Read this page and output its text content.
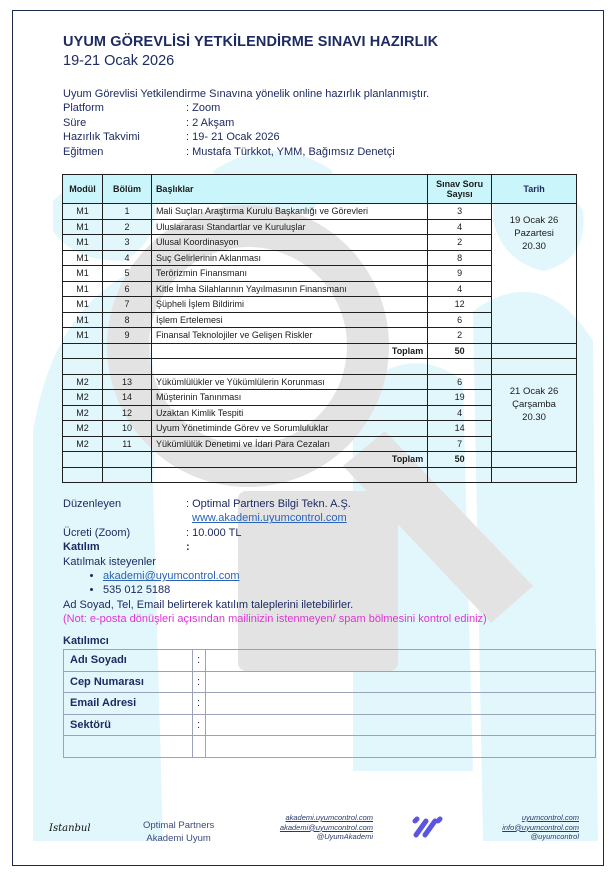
UYUM GÖREVLİSİ YETKİLENDİRME SINAVI HAZIRLIK
19-21 Ocak 2026
Uyum Görevlisi Yetkilendirme Sınavına yönelik online hazırlık planlanmıştır.
Platform	: Zoom
Süre	: 2 Akşam
Hazırlık Takvimi	: 19- 21 Ocak 2026
Eğitmen	: Mustafa Türkkot, YMM, Bağımsız Denetçi
Modül	Bölüm	Başlıklar	Sınav Soru Sayısı	Tarih
M1	1	Mali Suçları Araştırma Kurulu Başkanlığı ve Görevleri	3	19 Ocak 26
Pazartesi
20.30

M1	2	Uluslararası Standartlar ve Kuruluşlar	4	
M1	3	Ulusal Koordinasyon	2	
M1	4	Suç Gelirlerinin Aklanması	8	
M1	5	Terörizmin Finansmanı	9	
M1	6	Kitle İmha Silahlarının Yayılmasının Finansmanı	4	
M1	7	Şüpheli İşlem Bildirimi	12	
M1	8	İşlem Ertelemesi	6	
M1	9	Finansal Teknolojiler ve Gelişen Riskler	2	
		Toplam	50	

M2	13	Yükümlülükler ve Yükümlülerin Korunması	6	21 Ocak 26
Çarşamba
20.30

M2	14	Müşterinin Tanınması	19	
M2	12	Uzaktan Kimlik Tespiti	4	
M2	10	Uyum Yönetiminde Görev ve Sorumluluklar	14	
M2	11	Yükümlülük Denetimi ve İdari Para Cezaları	7	
		Toplam	50	

Düzenleyen	: Optimal Partners Bilgi Tekn. A.Ş.
www.akademi.uyumcontrol.com
Ücreti (Zoom)	: 10.000 TL
Katılım	:
Katılmak isteyenler
• akademi@uyumcontrol.com
• 535 012 5188
Ad Soyad, Tel, Email belirterek katılım taleplerini iletebilirler.
(Not: e-posta dönüşleri açısından mailinizin istenmeyen/ spam bölmesini kontrol ediniz)
Katılımcı
Adı Soyadı	:	
Cep Numarası	:	
Email Adresi	:	
Sektörü	:	

Istanbul	Optimal Partners
Akademi Uyum
akademi.uyumcontrol.com
akademi@uyumcontrol.com
@UyumAkademi
uyumcontrol.com
info@uyumcontrol.com
@uyumcontrol
